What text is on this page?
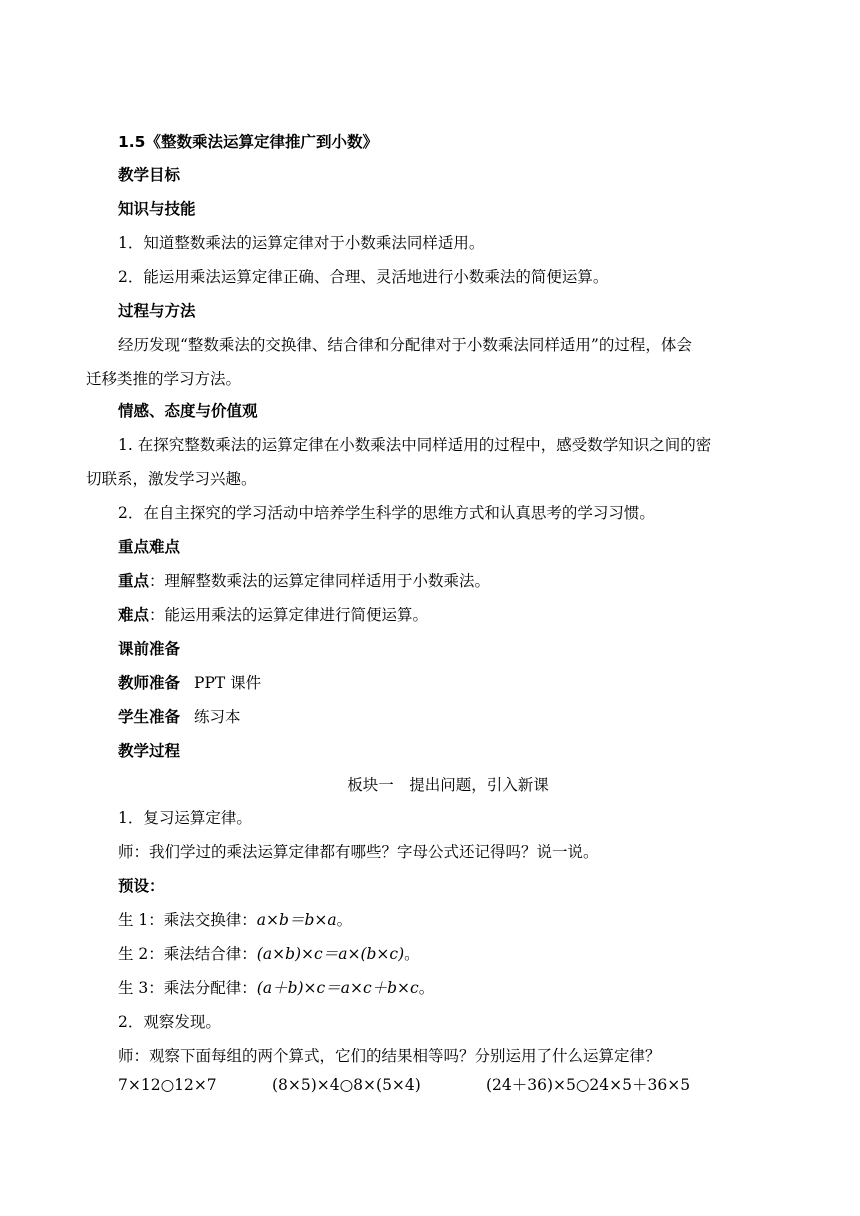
1.5《整数乘法运算定律推广到小数》
教学目标
知识与技能
1．知道整数乘法的运算定律对于小数乘法同样适用。
2．能运用乘法运算定律正确、合理、灵活地进行小数乘法的简便运算。
过程与方法
经历发现“整数乘法的交换律、结合律和分配律对于小数乘法同样适用”的过程，体会
迁移类推的学习方法。
情感、态度与价值观
1. 在探究整数乘法的运算定律在小数乘法中同样适用的过程中，感受数学知识之间的密
切联系，激发学习兴趣。
2．在自主探究的学习活动中培养学生科学的思维方式和认真思考的学习习惯。
重点难点
重点：理解整数乘法的运算定律同样适用于小数乘法。
难点：能运用乘法的运算定律进行简便运算。
课前准备
教师准备 PPT 课件
学生准备 练习本
教学过程
板块一　提出问题，引入新课
1．复习运算定律。
师：我们学过的乘法运算定律都有哪些？字母公式还记得吗？说一说。
预设：
生 1：乘法交换律：a×b＝b×a。
生 2：乘法结合律：(a×b)×c＝a×(b×c)。
生 3：乘法分配律：(a＋b)×c＝a×c＋b×c。
2．观察发现。
师：观察下面每组的两个算式，它们的结果相等吗？分别运用了什么运算定律？
7×12○12×7	(8×5)×4○8×(5×4)	(24＋36)×5○24×5＋36×5
